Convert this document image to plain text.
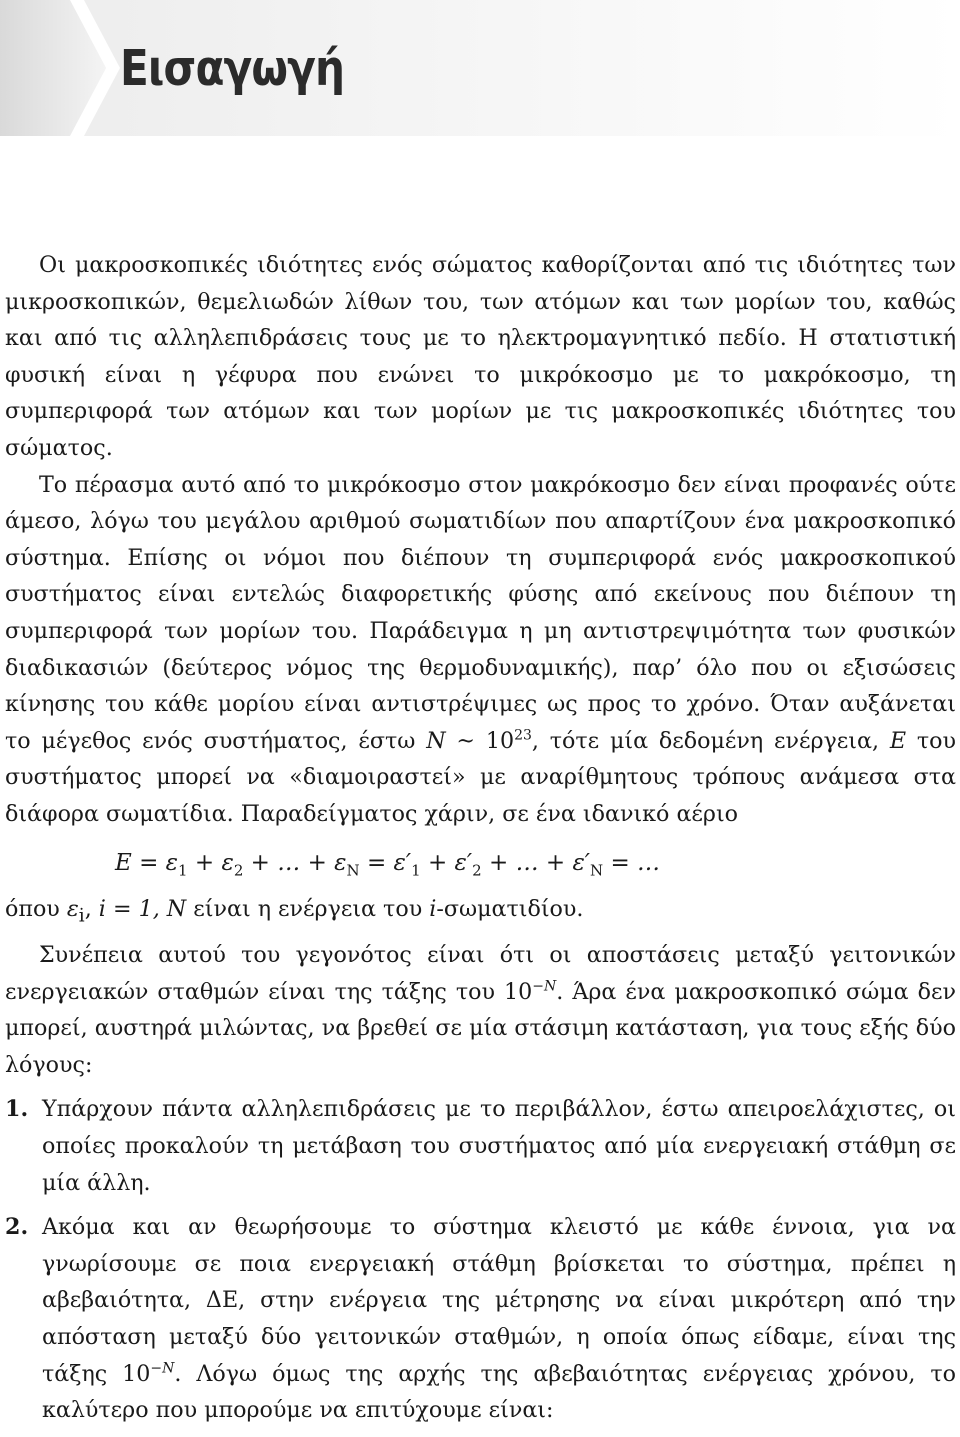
Εισαγωγή

Οι μακροσκοπικές ιδιότητες ενός σώματος καθορίζονται από τις ιδιότητες των μικροσκοπικών, θεμελιωδών λίθων του, των ατόμων και των μορίων του, καθώς και από τις αλληλεπιδράσεις τους με το ηλεκτρομαγνητικό πεδίο. Η στατιστική φυσική είναι η γέφυρα που ενώνει το μικρόκοσμο με το μακρόκοσμο, τη συμπεριφορά των ατόμων και των μορίων με τις μακροσκοπικές ιδιότητες του σώματος.

Το πέρασμα αυτό από το μικρόκοσμο στον μακρόκοσμο δεν είναι προφανές ούτε άμεσο, λόγω του μεγάλου αριθμού σωματιδίων που απαρτίζουν ένα μακροσκοπικό σύστημα. Επίσης οι νόμοι που διέπουν τη συμπεριφορά ενός μακροσκοπικού συστήματος είναι εντελώς διαφορετικής φύσης από εκείνους που διέπουν τη συμπεριφορά των μορίων του. Παράδειγμα η μη αντιστρεψιμότητα των φυσικών διαδικασιών (δεύτερος νόμος της θερμοδυναμικής), παρ’ όλο που οι εξισώσεις κίνησης του κάθε μορίου είναι αντιστρέψιμες ως προς το χρόνο. Όταν αυξάνεται το μέγεθος ενός συστήματος, έστω N ~ $10^{23}$, τότε μία δεδομένη ενέργεια, E του συστήματος μπορεί να «διαμοιραστεί» με αναρίθμητους τρόπους ανάμεσα στα διάφορα σωματίδια. Παραδείγματος χάριν, σε ένα ιδανικό αέριο

$E = \varepsilon_1 + \varepsilon_2$ + … + $\varepsilon_N = \varepsilon'_1 + \varepsilon'_2$ + … + $\varepsilon'_N$ = …
όπου $\varepsilon_i$, i = 1, N είναι η ενέργεια του i-σωματιδίου.

Συνέπεια αυτού του γεγονότος είναι ότι οι αποστάσεις μεταξύ γειτονικών ενεργειακών σταθμών είναι της τάξης του $10^{-N}$. Άρα ένα μακροσκοπικό σώμα δεν μπορεί, αυστηρά μιλώντας, να βρεθεί σε μία στάσιμη κατάσταση, για τους εξής δύο λόγους:

1. Υπάρχουν πάντα αλληλεπιδράσεις με το περιβάλλον, έστω απειροελάχιστες, οι οποίες προκαλούν τη μετάβαση του συστήματος από μία ενεργειακή στάθμη σε μία άλλη.
2. Ακόμα και αν θεωρήσουμε το σύστημα κλειστό με κάθε έννοια, για να γνωρίσουμε σε ποια ενεργειακή στάθμη βρίσκεται το σύστημα, πρέπει η αβεβαιότητα, ΔΕ, στην ενέργεια της μέτρησης να είναι μικρότερη από την απόσταση μεταξύ δύο γειτονικών σταθμών, η οποία όπως είδαμε, είναι της τάξης $10^{-N}$. Λόγω όμως της αρχής της αβεβαιότητας ενέργειας χρόνου, το καλύτερο που μπορούμε να επιτύχουμε είναι:
